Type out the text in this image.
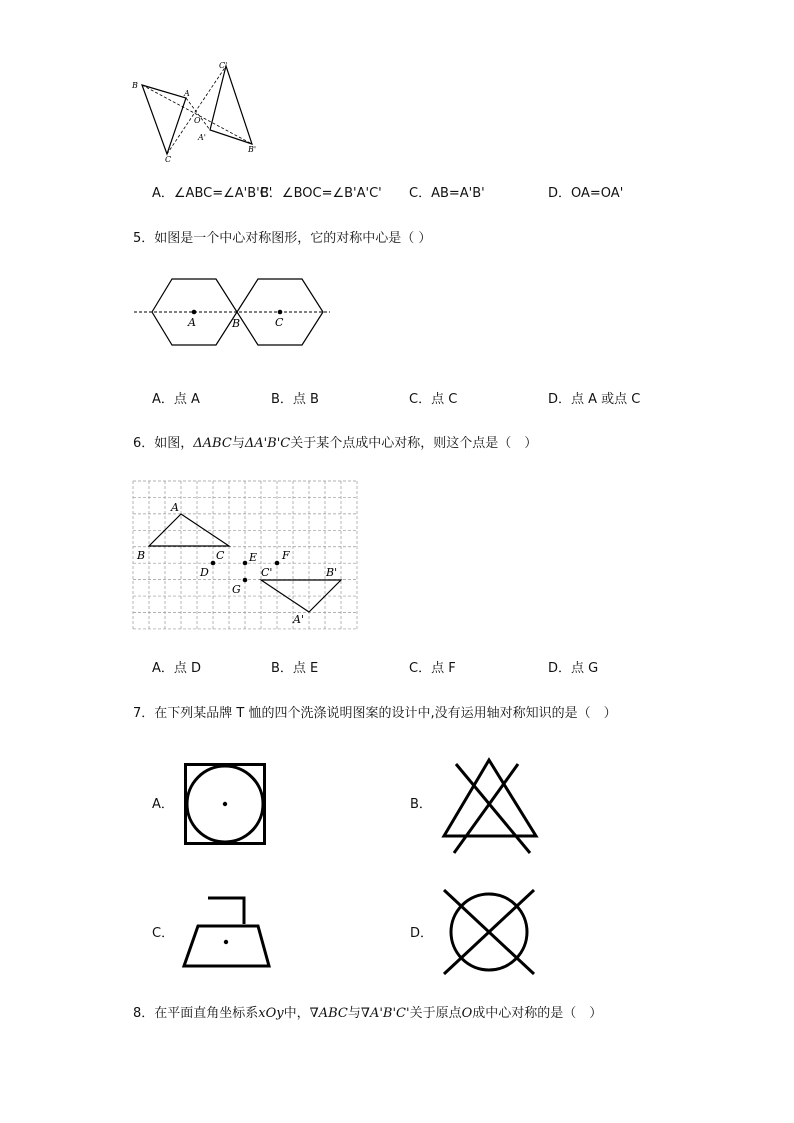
B
A
C
C'
O
A'
B'
A．∠ABC=∠A'B'C'
B．∠BOC=∠B'A'C' C．AB=A'B'	D．OA=OA'
5．如图是一个中心对称图形，它的对称中心是（ ）
A	B	C
A．点 A	B．点 B	C．点 C	D．点 A 或点 C
6．如图，ΔABC与ΔA'B'C关于某个点成中心对称，则这个点是（　）
A
B	C
D
E F
G
C'	B'
A'
A．点 D	B．点 E	C．点 F	D．点 G
7．在下列某品牌 T 恤的四个洗涤说明图案的设计中,没有运用轴对称知识的是（　）
A．	B．
C．	D．
8．在平面直角坐标系xOy中，∇ABC与∇A'B'C'关于原点O成中心对称的是（　）
